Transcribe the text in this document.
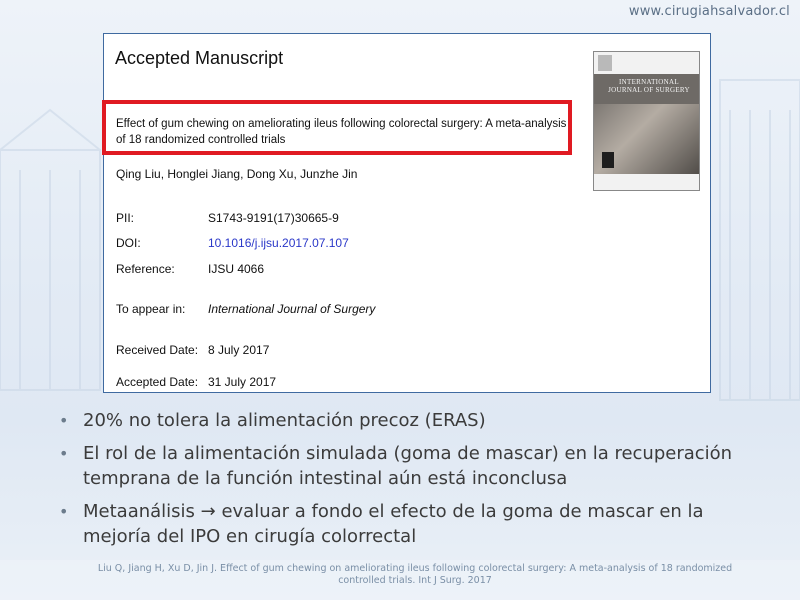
www.cirugiahsalvador.cl
Accepted Manuscript
Effect of gum chewing on ameliorating ileus following colorectal surgery: A meta-analysis of 18 randomized controlled trials
Qing Liu, Honglei Jiang, Dong Xu, Junzhe Jin
PII:	S1743-9191(17)30665-9
DOI:	10.1016/j.ijsu.2017.07.107
Reference:	IJSU 4066
To appear in: International Journal of Surgery
Received Date: 8 July 2017
Accepted Date: 31 July 2017
INTERNATIONAL JOURNAL OF SURGERY
• 20% no tolera la alimentación precoz (ERAS)
• El rol de la alimentación simulada (goma de mascar) en la recuperación temprana de la función intestinal aún está inconclusa
• Metaanálisis → evaluar a fondo el efecto de la goma de mascar en la mejoría del IPO en cirugía colorrectal
Liu Q, Jiang H, Xu D, Jin J. Effect of gum chewing on ameliorating ileus following colorectal surgery: A meta-analysis of 18 randomized controlled trials. Int J Surg. 2017
